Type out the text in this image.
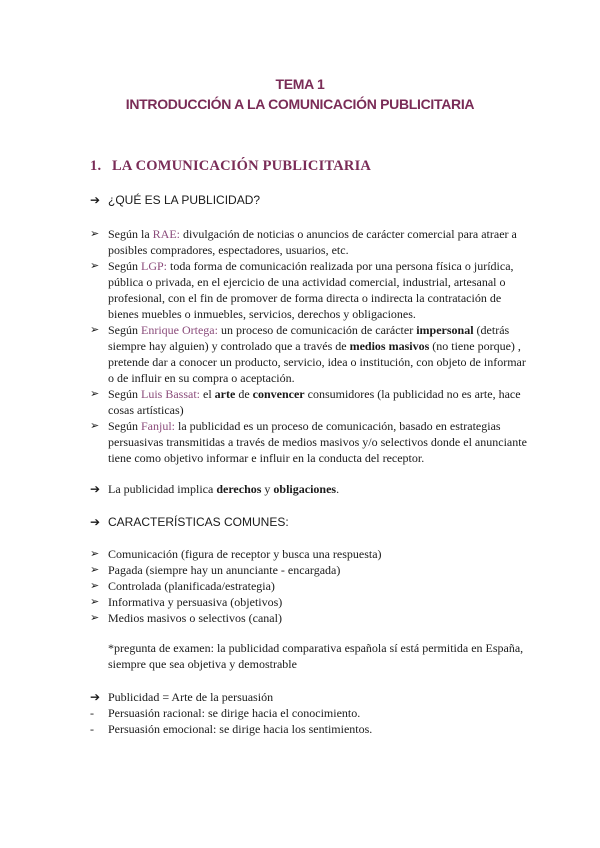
TEMA 1
INTRODUCCIÓN A LA COMUNICACIÓN PUBLICITARIA
1. LA COMUNICACIÓN PUBLICITARIA
➔ ¿QUÉ ES LA PUBLICIDAD?
➢ Según la RAE: divulgación de noticias o anuncios de carácter comercial para atraer a posibles compradores, espectadores, usuarios, etc.
➢ Según LGP: toda forma de comunicación realizada por una persona física o jurídica, pública o privada, en el ejercicio de una actividad comercial, industrial, artesanal o profesional, con el fin de promover de forma directa o indirecta la contratación de bienes muebles o inmuebles, servicios, derechos y obligaciones.
➢ Según Enrique Ortega: un proceso de comunicación de carácter impersonal (detrás siempre hay alguien) y controlado que a través de medios masivos (no tiene porque) , pretende dar a conocer un producto, servicio, idea o institución, con objeto de informar o de influir en su compra o aceptación.
➢ Según Luis Bassat: el arte de convencer consumidores (la publicidad no es arte, hace cosas artísticas)
➢ Según Fanjul: la publicidad es un proceso de comunicación, basado en estrategias persuasivas transmitidas a través de medios masivos y/o selectivos donde el anunciante tiene como objetivo informar e influir en la conducta del receptor.
➔ La publicidad implica derechos y obligaciones.
➔ CARACTERÍSTICAS COMUNES:
➢ Comunicación (figura de receptor y busca una respuesta)
➢ Pagada (siempre hay un anunciante - encargada)
➢ Controlada (planificada/estrategia)
➢ Informativa y persuasiva (objetivos)
➢ Medios masivos o selectivos (canal)
*pregunta de examen: la publicidad comparativa española sí está permitida en España, siempre que sea objetiva y demostrable
➔ Publicidad = Arte de la persuasión
- Persuasión racional: se dirige hacia el conocimiento.
- Persuasión emocional: se dirige hacia los sentimientos.
